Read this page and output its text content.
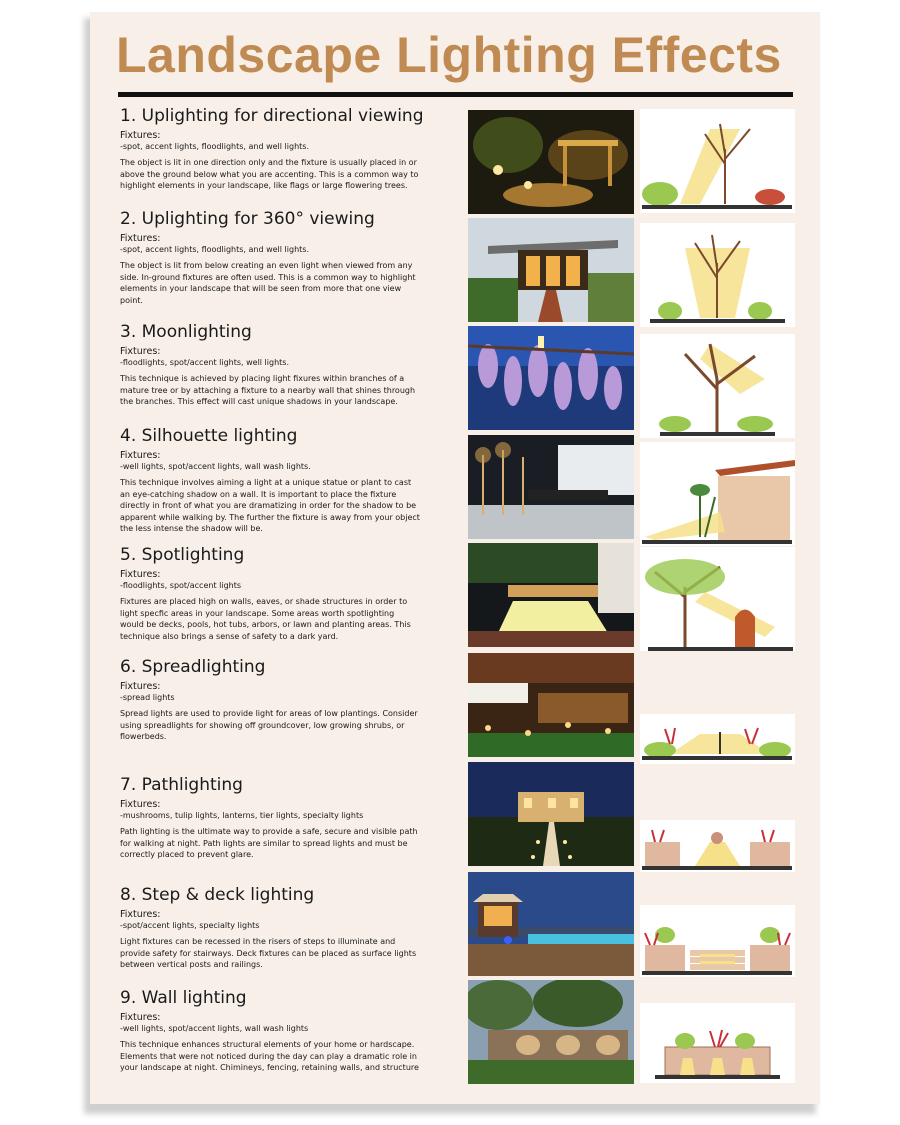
Landscape Lighting Effects
1. Uplighting for directional viewing

Fixtures:

-spot, accent lights, floodlights, and well lights.

The object is lit in one direction only and the fixture is usually placed in or above the ground below what you are accenting. This is a common way to highlight elements in your landscape, like flags or large flowering trees.

2. Uplighting for 360° viewing

Fixtures:

-spot, accent lights, floodlights, and well lights.

The object is lit from below creating an even light when viewed from any side. In-ground fixtures are often used. This is a common way to highlight elements in your landscape that will be seen from more that one view point.

3. Moonlighting

Fixtures:

-floodlights, spot/accent lights, well lights.

This technique is achieved by placing light fixures within branches of a mature tree or by attaching a fixture to a nearby wall that shines through the branches. This effect will cast unique shadows in your landscape.

4. Silhouette lighting

Fixtures:

-well lights, spot/accent lights, wall wash lights.

This technique involves aiming a light at a unique statue or plant to cast an eye-catching shadow on a wall. It is important to place the fixture directly in front of what you are dramatizing in order for the shadow to be apparent while walking by. The further the fixture is away from your object the less intense the shadow will be.

5. Spotlighting

Fixtures:

-floodlights, spot/accent lights

Fixtures are placed high on walls, eaves, or shade structures in order to light specfic areas in your landscape. Some areas worth spotlighting would be decks, pools, hot tubs, arbors, or lawn and planting areas. This technique also brings a sense of safety to a dark yard.

6. Spreadlighting

Fixtures:

-spread lights

Spread lights are used to provide light for areas of low plantings. Consider using spreadlights for showing off groundcover, low growing shrubs, or flowerbeds.

7. Pathlighting

Fixtures:

-mushrooms, tulip lights, lanterns, tier lights, specialty lights

Path lighting is the ultimate way to provide a safe, secure and visible path for walking at night. Path lights are similar to spread lights and must be correctly placed to prevent glare.

8. Step & deck lighting

Fixtures:

-spot/accent lights, specialty lights

Light fixtures can be recessed in the risers of steps to illuminate and provide safety for stairways. Deck fixtures can be placed as surface lights between vertical posts and railings.

9. Wall lighting

Fixtures:

-well lights, spot/accent lights, wall wash lights

This technique enhances structural elements of your home or hardscape. Elements that were not noticed during the day can play a dramatic role in your landscape at night. Chimineys, fencing, retaining walls, and structure
